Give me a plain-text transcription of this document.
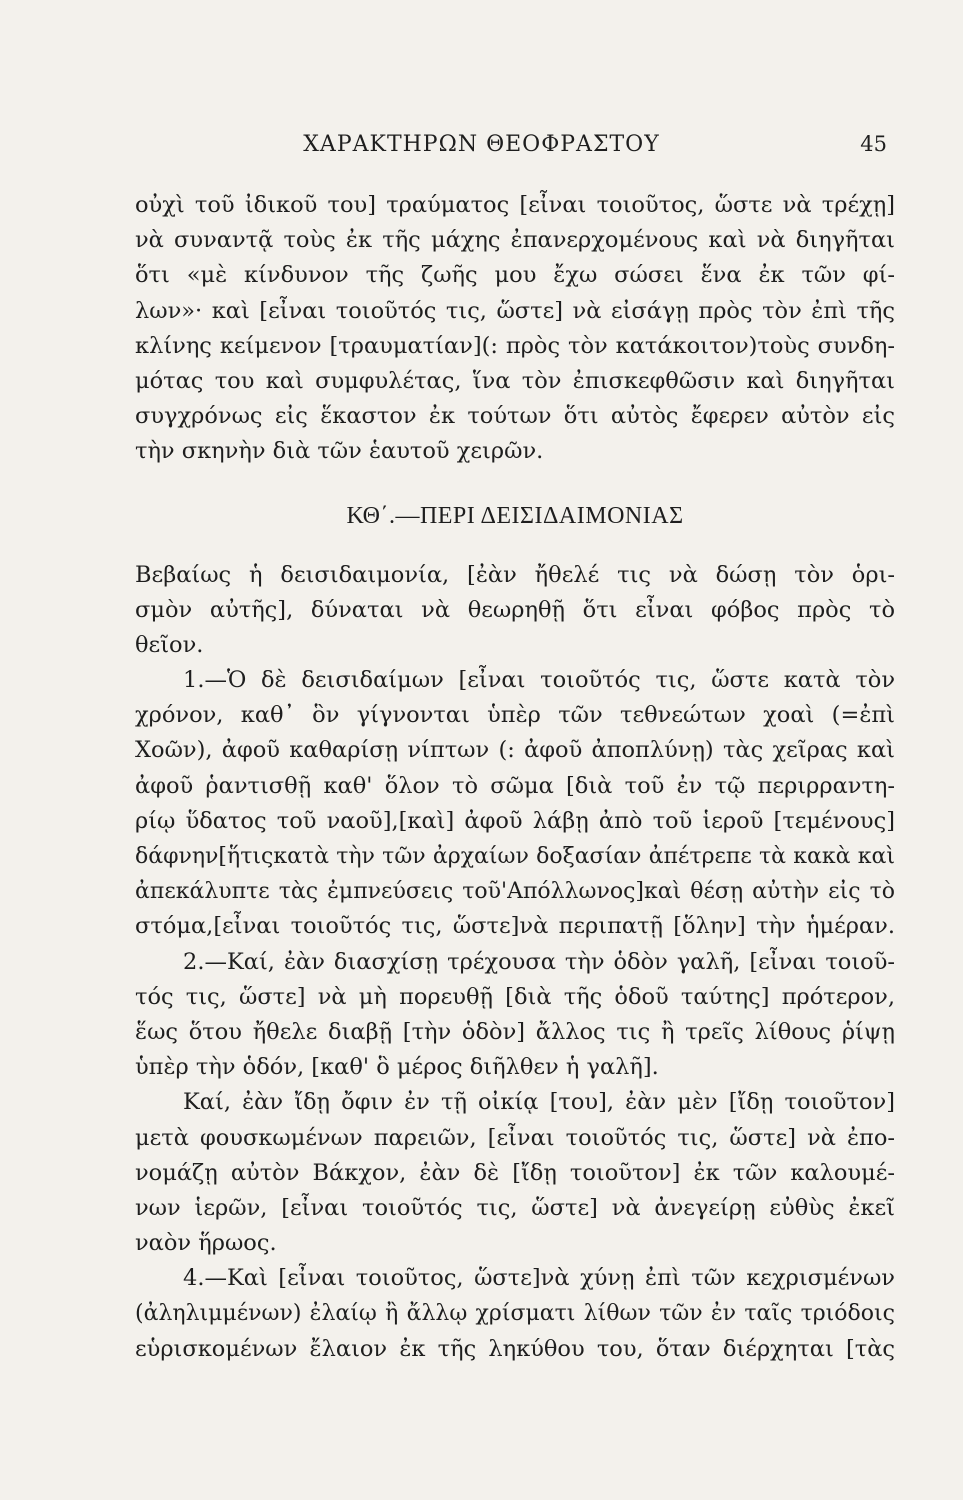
ΧΑΡΑΚΤΗΡΩΝ ΘΕΟΦΡΑΣΤΟΥ	45
οὐχὶ τοῦ ἰδικοῦ του] τραύματος [εἶναι τοιοῦτος, ὥστε νὰ τρέχῃ]
νὰ συναντᾷ τοὺς ἐκ τῆς μάχης ἐπανερχομένους καὶ νὰ διηγῆται
ὅτι «μὲ κίνδυνον τῆς ζωῆς μου ἔχω σώσει ἕνα ἐκ τῶν φί-
λων»· καὶ [εἶναι τοιοῦτός τις, ὥστε] νὰ εἰσάγῃ πρὸς τὸν ἐπὶ τῆς
κλίνης κείμενον [τραυματίαν](: πρὸς τὸν κατάκοιτον)τοὺς συνδη-
μότας του καὶ συμφυλέτας, ἵνα τὸν ἐπισκεφθῶσιν καὶ διηγῆται
συγχρόνως εἰς ἕκαστον ἐκ τούτων ὅτι αὐτὸς ἔφερεν αὐτὸν εἰς
τὴν σκηνὴν διὰ τῶν ἑαυτοῦ χειρῶν.
ΚΘ΄.—ΠΕΡΙ ΔΕΙΣΙΔΑΙΜΟΝΙΑΣ
Βεβαίως ἡ δεισιδαιμονία, [ἐὰν ἤθελέ τις νὰ δώσῃ τὸν ὁρι-
σμὸν αὐτῆς], δύναται νὰ θεωρηθῇ ὅτι εἶναι φόβος πρὸς τὸ
θεῖον.
1.—Ὁ δὲ δεισιδαίμων [εἶναι τοιοῦτός τις, ὥστε κατὰ τὸν
χρόνον, καθ᾽ ὃν γίγνονται ὑπὲρ τῶν τεθνεώτων χοαὶ (=ἐπὶ
Χοῶν), ἀφοῦ καθαρίσῃ νίπτων (: ἀφοῦ ἀποπλύνῃ) τὰς χεῖρας καὶ
ἀφοῦ ῥαντισθῇ καθ' ὅλον τὸ σῶμα [διὰ τοῦ ἐν τῷ περιρραντη-
ρίῳ ὕδατος τοῦ ναοῦ],[καὶ] ἀφοῦ λάβῃ ἀπὸ τοῦ ἱεροῦ [τεμένους]
δάφνην[ἥτιςκατὰ τὴν τῶν ἀρχαίων δοξασίαν ἀπέτρεπε τὰ κακὰ καὶ
ἀπεκάλυπτε τὰς ἐμπνεύσεις τοῦ'Απόλλωνος]καὶ θέσῃ αὐτὴν εἰς τὸ
στόμα,[εἶναι τοιοῦτός τις, ὥστε]νὰ περιπατῇ [ὅλην] τὴν ἡμέραν.
2.—Καί, ἐὰν διασχίσῃ τρέχουσα τὴν ὁδὸν γαλῆ, [εἶναι τοιοῦ-
τός τις, ὥστε] νὰ μὴ πορευθῇ [διὰ τῆς ὁδοῦ ταύτης] πρότερον,
ἕως ὅτου ἤθελε διαβῇ [τὴν ὁδὸν] ἄλλος τις ἢ τρεῖς λίθους ῥίψῃ
ὑπὲρ τὴν ὁδόν, [καθ' ὃ μέρος διῆλθεν ἡ γαλῆ].
Καί, ἐὰν ἴδῃ ὄφιν ἐν τῇ οἰκίᾳ [του], ἐὰν μὲν [ἴδῃ τοιοῦτον]
μετὰ φουσκωμένων παρειῶν, [εἶναι τοιοῦτός τις, ὥστε] νὰ ἐπο-
νομάζῃ αὐτὸν Βάκχον, ἐὰν δὲ [ἴδῃ τοιοῦτον] ἐκ τῶν καλουμέ-
νων ἱερῶν, [εἶναι τοιοῦτός τις, ὥστε] νὰ ἀνεγείρῃ εὐθὺς ἐκεῖ
ναὸν ἥρωος.
4.—Καὶ [εἶναι τοιοῦτος, ὥστε]νὰ χύνῃ ἐπὶ τῶν κεχρισμένων
(ἀληλιμμένων) ἐλαίῳ ἢ ἄλλῳ χρίσματι λίθων τῶν ἐν ταῖς τριόδοις
εὑρισκομένων ἔλαιον ἐκ τῆς ληκύθου του, ὅταν διέρχηται [τὰς
